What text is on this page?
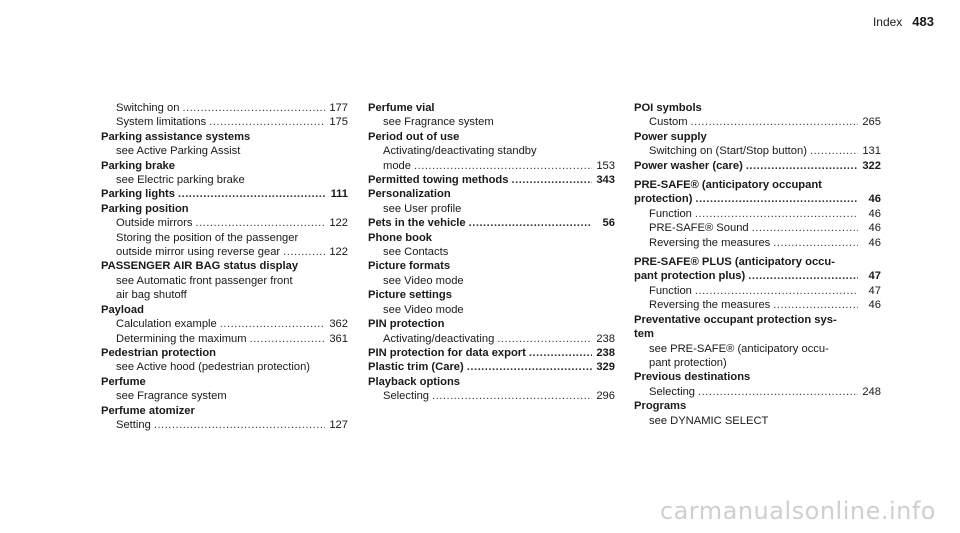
Index 483
Switching on .....	177
System limitations .....	175
Parking assistance systems
see Active Parking Assist
Parking brake
see Electric parking brake
Parking lights .....	111
Parking position
Outside mirrors .....	122
Storing the position of the passenger
outside mirror using reverse gear .....	122
PASSENGER AIR BAG status display
see Automatic front passenger front
air bag shutoff
Payload
Calculation example .....	362
Determining the maximum .....	361
Pedestrian protection
see Active hood (pedestrian protection)
Perfume
see Fragrance system
Perfume atomizer
Setting .....	127
Perfume vial
see Fragrance system
Period out of use
Activating/deactivating standby
mode .....	153
Permitted towing methods .....	343
Personalization
see User profile
Pets in the vehicle .....	56
Phone book
see Contacts
Picture formats
see Video mode
Picture settings
see Video mode
PIN protection
Activating/deactivating .....	238
PIN protection for data export .....	238
Plastic trim (Care) .....	329
Playback options
Selecting .....	296
POI symbols
Custom .....	265
Power supply
Switching on (Start/Stop button) .....	131
Power washer (care) .....	322
PRE-SAFE® (anticipatory occupant
protection) .....	46
Function .....	46
PRE-SAFE® Sound .....	46
Reversing the measures .....	46
PRE-SAFE® PLUS (anticipatory occu-
pant protection plus) .....	47
Function .....	47
Reversing the measures .....	46
Preventative occupant protection sys-
tem
see PRE-SAFE® (anticipatory occu-
pant protection)
Previous destinations
Selecting .....	248
Programs
see DYNAMIC SELECT
carmanualsonline.info
